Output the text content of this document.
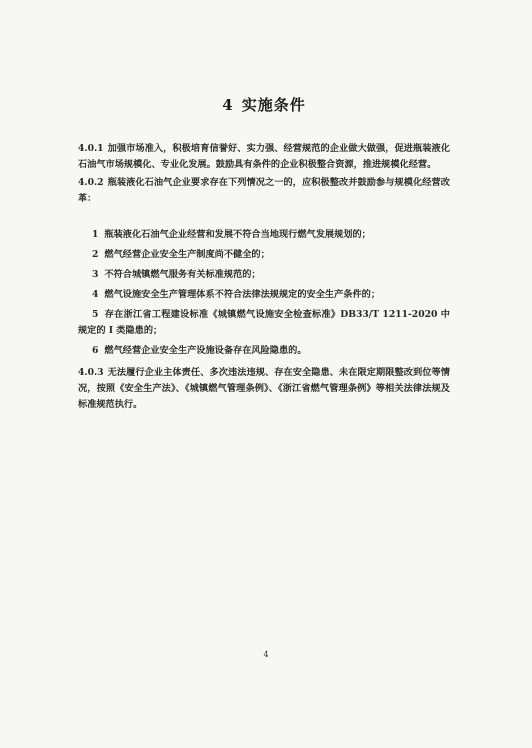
4 实施条件

4.0.1 加强市场准入，积极培育信誉好、实力强、经营规范的企业做大做强，促进瓶装液化石油气市场规模化、专业化发展。鼓励具有条件的企业积极整合资源，推进规模化经营。

4.0.2 瓶装液化石油气企业要求存在下列情况之一的，应积极整改并鼓励参与规模化经营改革：

1 瓶装液化石油气企业经营和发展不符合当地现行燃气发展规划的；

2 燃气经营企业安全生产制度尚不健全的；

3 不符合城镇燃气服务有关标准规范的；

4 燃气设施安全生产管理体系不符合法律法规规定的安全生产条件的；

5 存在浙江省工程建设标准《城镇燃气设施安全检查标准》DB33/T 1211-2020 中规定的 I 类隐患的；

6 燃气经营企业安全生产设施设备存在风险隐患的。

4.0.3 无法履行企业主体责任、多次违法违规、存在安全隐患、未在限定期限整改到位等情况，按照《安全生产法》、《城镇燃气管理条例》、《浙江省燃气管理条例》等相关法律法规及标准规范执行。

4
